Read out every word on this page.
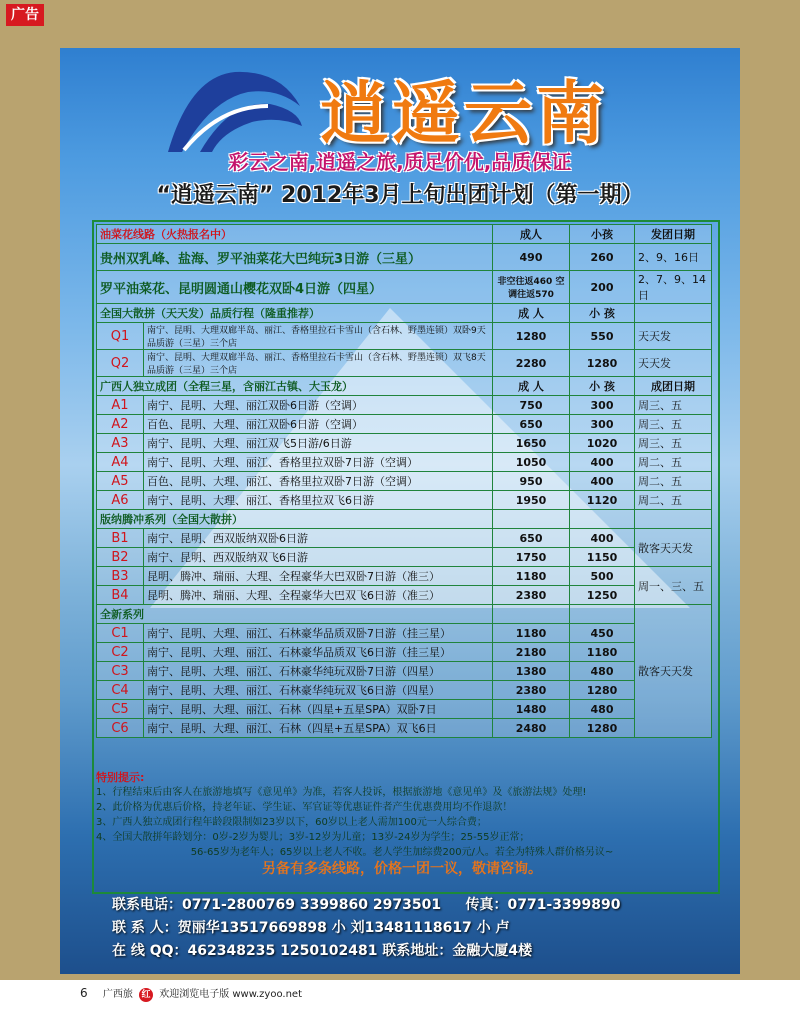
广告
逍遥云南
彩云之南,逍遥之旅,质足价优,品质保证
“逍遥云南” 2012年3月上旬出团计划（第一期）
油菜花线路（火热报名中）		成人	小孩	发团日期
贵州双乳峰、盐海、罗平油菜花大巴纯玩3日游（三星）		490	260	2、9、16日
罗平油菜花、昆明圆通山樱花双卧4日游（四星）		非空往返460 空调往返570	200	2、7、9、14日
全国大散拼（天天发）品质行程（隆重推荐）		成 人	小 孩	
Q1	南宁、昆明、大理双廊半岛、丽江、香格里拉石卡雪山（含石林、野墨连锁）双卧9天品质游（三星）三个店	1280	550	天天发
Q2	南宁、昆明、大理双廊半岛、丽江、香格里拉石卡雪山（含石林、野墨连锁）双飞8天品质游（三星）三个店	2280	1280	天天发
广西人独立成团（全程三星，含丽江古镇、大玉龙）		成 人	小 孩	成团日期
A1	南宁、昆明、大理、丽江双卧6日游（空调）	750	300	周三、五
A2	百色、昆明、大理、丽江双卧6日游（空调）	650	300	周三、五
A3	南宁、昆明、大理、丽江双飞5日游/6日游	1650	1020	周三、五
A4	南宁、昆明、大理、丽江、香格里拉双卧7日游（空调）	1050	400	周二、五
A5	百色、昆明、大理、丽江、香格里拉双卧7日游（空调）	950	400	周二、五
A6	南宁、昆明、大理、丽江、香格里拉双飞6日游	1950	1120	周二、五
版纳腾冲系列（全国大散拼）				
B1	南宁、昆明、西双版纳双卧6日游	650	400	散客天天发
B2	南宁、昆明、西双版纳双飞6日游	1750	1150	
B3	昆明、腾冲、瑞丽、大理、全程豪华大巴双卧7日游（准三）	1180	500	周一、三、五
B4	昆明、腾冲、瑞丽、大理、全程豪华大巴双飞6日游（准三）	2380	1250	
全新系列				散客天天发
C1	南宁、昆明、大理、丽江、石林豪华品质双卧7日游（挂三星）	1180	450	
C2	南宁、昆明、大理、丽江、石林豪华品质双飞6日游（挂三星）	2180	1180	
C3	南宁、昆明、大理、丽江、石林豪华纯玩双卧7日游（四星）	1380	480	
C4	南宁、昆明、大理、丽江、石林豪华纯玩双飞6日游（四星）	2380	1280	
C5	南宁、昆明、大理、丽江、石林（四星+五星SPA）双卧7日	1480	480	
C6	南宁、昆明、大理、丽江、石林（四星+五星SPA）双飞6日	2480	1280	
特别提示:
1、行程结束后由客人在旅游地填写《意见单》为准，若客人投诉，根据旅游地《意见单》及《旅游法规》处理!
2、此价格为优惠后价格，持老年证、学生证、军官证等优惠证件者产生优惠费用均不作退款！
3、广西人独立成团行程年龄段限制如23岁以下，60岁以上老人需加100元一人综合费；
4、全国大散拼年龄划分：0岁-2岁为婴儿；3岁-12岁为儿童；13岁-24岁为学生；25-55岁正常；
56-65岁为老年人；65岁以上老人不收。老人学生加综费200元/人。若全为特殊人群价格另议~
另备有多条线路，价格一团一议，敬请咨询。
联系电话：0771-2800769 3399860 2973501 传真：0771-3399890
联 系 人：贺丽华13517669898 小 刘13481118617 小 卢
在 线 QQ：462348235 1250102481 联系地址：金融大厦4楼
6 广西旅 红 欢迎浏览电子版 www.zyoo.net
